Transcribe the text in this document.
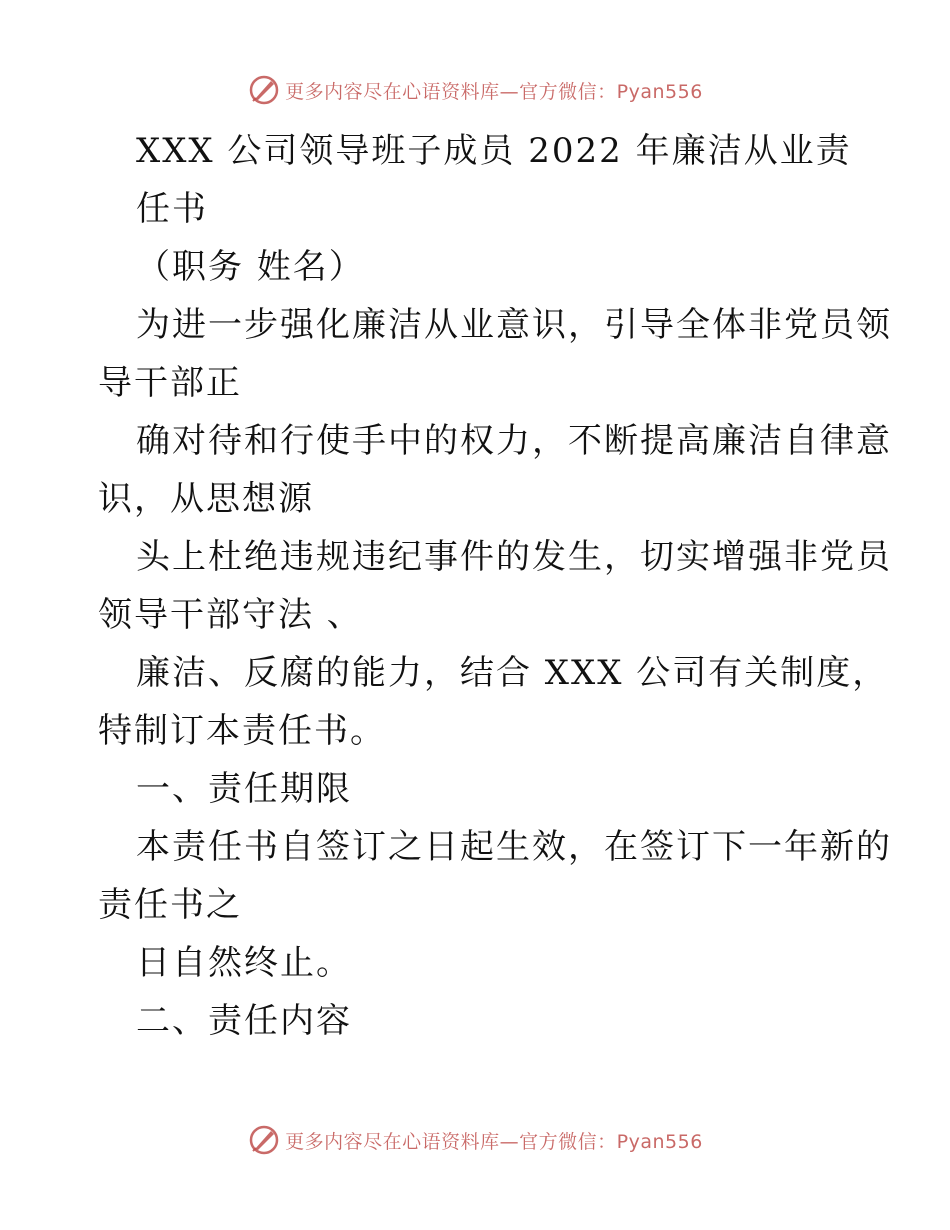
更多内容尽在心语资料库—官方微信：Pyan556
XXX 公司领导班子成员 2022 年廉洁从业责
任书
（职务 姓名）
为进一步强化廉洁从业意识，引导全体非党员领
导干部正
确对待和行使手中的权力，不断提高廉洁自律意
识，从思想源
头上杜绝违规违纪事件的发生，切实增强非党员
领导干部守法 、
廉洁、反腐的能力，结合 XXX 公司有关制度，
特制订本责任书。
一、责任期限
本责任书自签订之日起生效，在签订下一年新的
责任书之
日自然终止。
二、责任内容
更多内容尽在心语资料库—官方微信：Pyan556
